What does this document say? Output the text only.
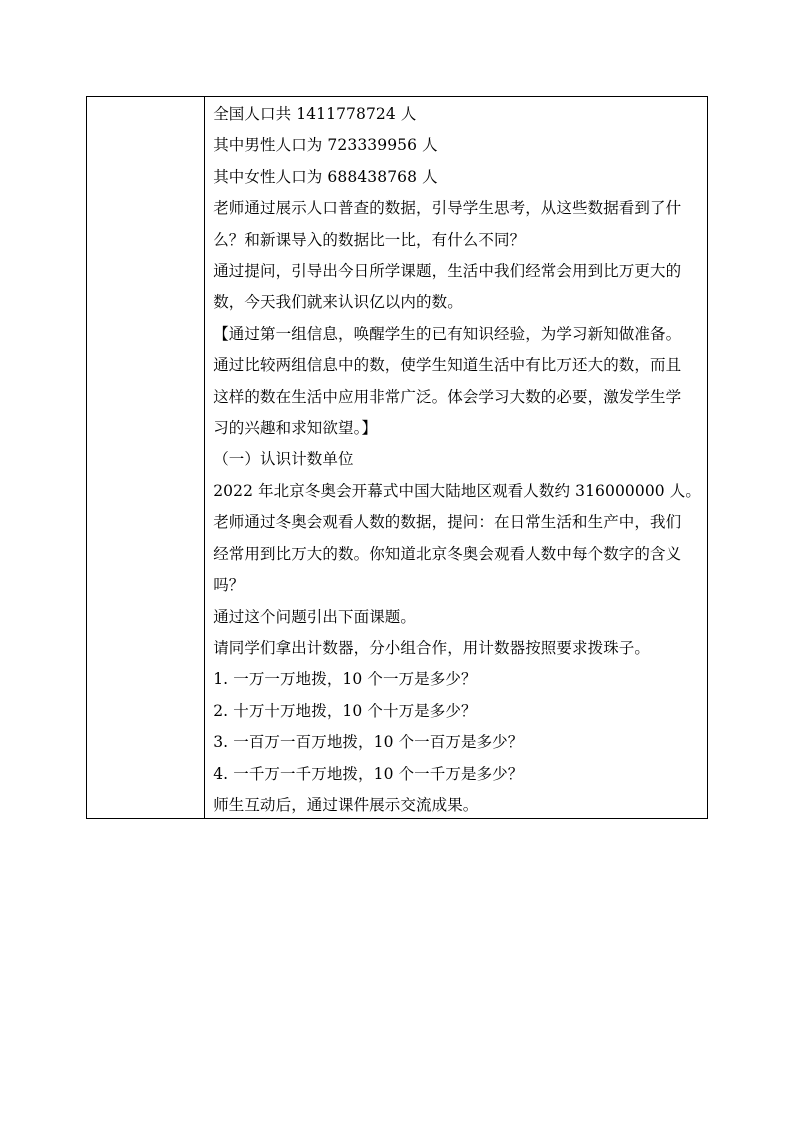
全国人口共 1411778724 人

其中男性人口为 723339956 人

其中女性人口为 688438768 人

老师通过展示人口普查的数据，引导学生思考，从这些数据看到了什

么？和新课导入的数据比一比，有什么不同？

通过提问，引导出今日所学课题，生活中我们经常会用到比万更大的

数，今天我们就来认识亿以内的数。

【通过第一组信息，唤醒学生的已有知识经验，为学习新知做准备。

通过比较两组信息中的数，使学生知道生活中有比万还大的数，而且

这样的数在生活中应用非常广泛。体会学习大数的必要，激发学生学

习的兴趣和求知欲望。】

（一）认识计数单位

2022 年北京冬奥会开幕式中国大陆地区观看人数约 316000000 人。

老师通过冬奥会观看人数的数据，提问：在日常生活和生产中，我们

经常用到比万大的数。你知道北京冬奥会观看人数中每个数字的含义

吗？

通过这个问题引出下面课题。

请同学们拿出计数器，分小组合作，用计数器按照要求拨珠子。

1. 一万一万地拨，10 个一万是多少？

2. 十万十万地拨，10 个十万是多少？

3. 一百万一百万地拨，10 个一百万是多少？

4. 一千万一千万地拨，10 个一千万是多少？

师生互动后，通过课件展示交流成果。
